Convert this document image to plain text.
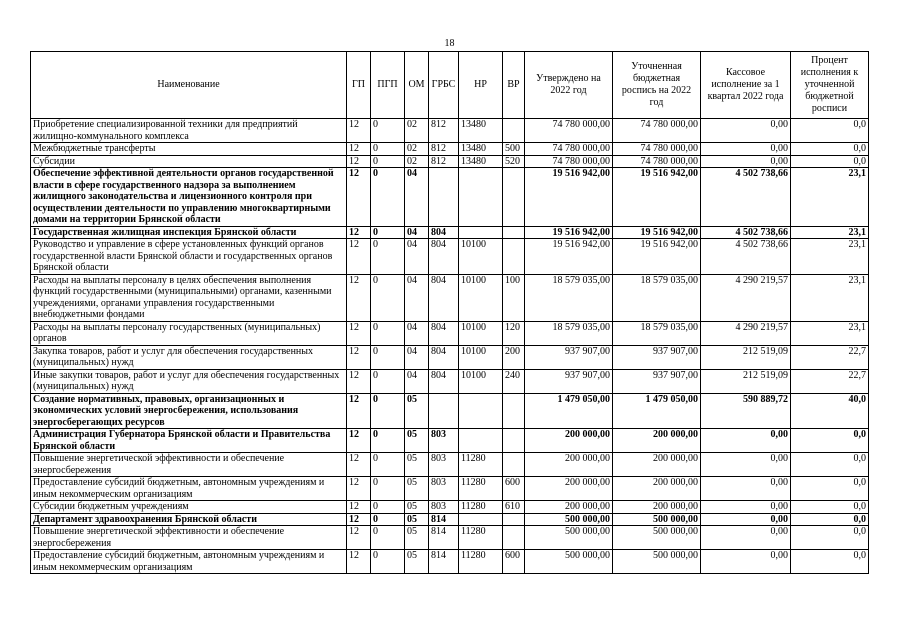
18
Наименование	ГП	ПГП	ОМ	ГРБС	НР	ВР	Утверждено на 2022 год	Уточненная бюджетная роспись на 2022 год	Кассовое исполнение за 1 квартал 2022 года	Процент исполнения к уточненной бюджетной росписи
Приобретение специализированной техники для предприятий жилищно-коммунального комплекса	12	0	02	812	13480		74 780 000,00	74 780 000,00	0,00	0,0
Межбюджетные трансферты	12	0	02	812	13480	500	74 780 000,00	74 780 000,00	0,00	0,0
Субсидии	12	0	02	812	13480	520	74 780 000,00	74 780 000,00	0,00	0,0
Обеспечение эффективной деятельности органов государственной власти в сфере государственного надзора за выполнением жилищного законодательства и лицензионного контроля при осуществлении деятельности по управлению многоквартирными домами на территории Брянской области	12	0	04				19 516 942,00	19 516 942,00	4 502 738,66	23,1
Государственная жилищная инспекция Брянской области	12	0	04	804			19 516 942,00	19 516 942,00	4 502 738,66	23,1
Руководство и управление в сфере установленных функций органов государственной власти Брянской области и государственных органов Брянской области	12	0	04	804	10100		19 516 942,00	19 516 942,00	4 502 738,66	23,1
Расходы на выплаты персоналу в целях обеспечения выполнения функций государственными (муниципальными) органами, казенными учреждениями, органами управления государственными внебюджетными фондами	12	0	04	804	10100	100	18 579 035,00	18 579 035,00	4 290 219,57	23,1
Расходы на выплаты персоналу государственных (муниципальных) органов	12	0	04	804	10100	120	18 579 035,00	18 579 035,00	4 290 219,57	23,1
Закупка товаров, работ и услуг для обеспечения государственных (муниципальных) нужд	12	0	04	804	10100	200	937 907,00	937 907,00	212 519,09	22,7
Иные закупки товаров, работ и услуг для обеспечения государственных (муниципальных) нужд	12	0	04	804	10100	240	937 907,00	937 907,00	212 519,09	22,7
Создание нормативных, правовых, организационных и экономических условий энергосбережения, использования энергосберегающих ресурсов	12	0	05				1 479 050,00	1 479 050,00	590 889,72	40,0
Администрация Губернатора Брянской области и Правительства Брянской области	12	0	05	803			200 000,00	200 000,00	0,00	0,0
Повышение энергетической эффективности и обеспечение энергосбережения	12	0	05	803	11280		200 000,00	200 000,00	0,00	0,0
Предоставление субсидий бюджетным, автономным учреждениям и иным некоммерческим организациям	12	0	05	803	11280	600	200 000,00	200 000,00	0,00	0,0
Субсидии бюджетным учреждениям	12	0	05	803	11280	610	200 000,00	200 000,00	0,00	0,0
Департамент здравоохранения Брянской области	12	0	05	814			500 000,00	500 000,00	0,00	0,0
Повышение энергетической эффективности и обеспечение энергосбережения	12	0	05	814	11280		500 000,00	500 000,00	0,00	0,0
Предоставление субсидий бюджетным, автономным учреждениям и иным некоммерческим организациям	12	0	05	814	11280	600	500 000,00	500 000,00	0,00	0,0
